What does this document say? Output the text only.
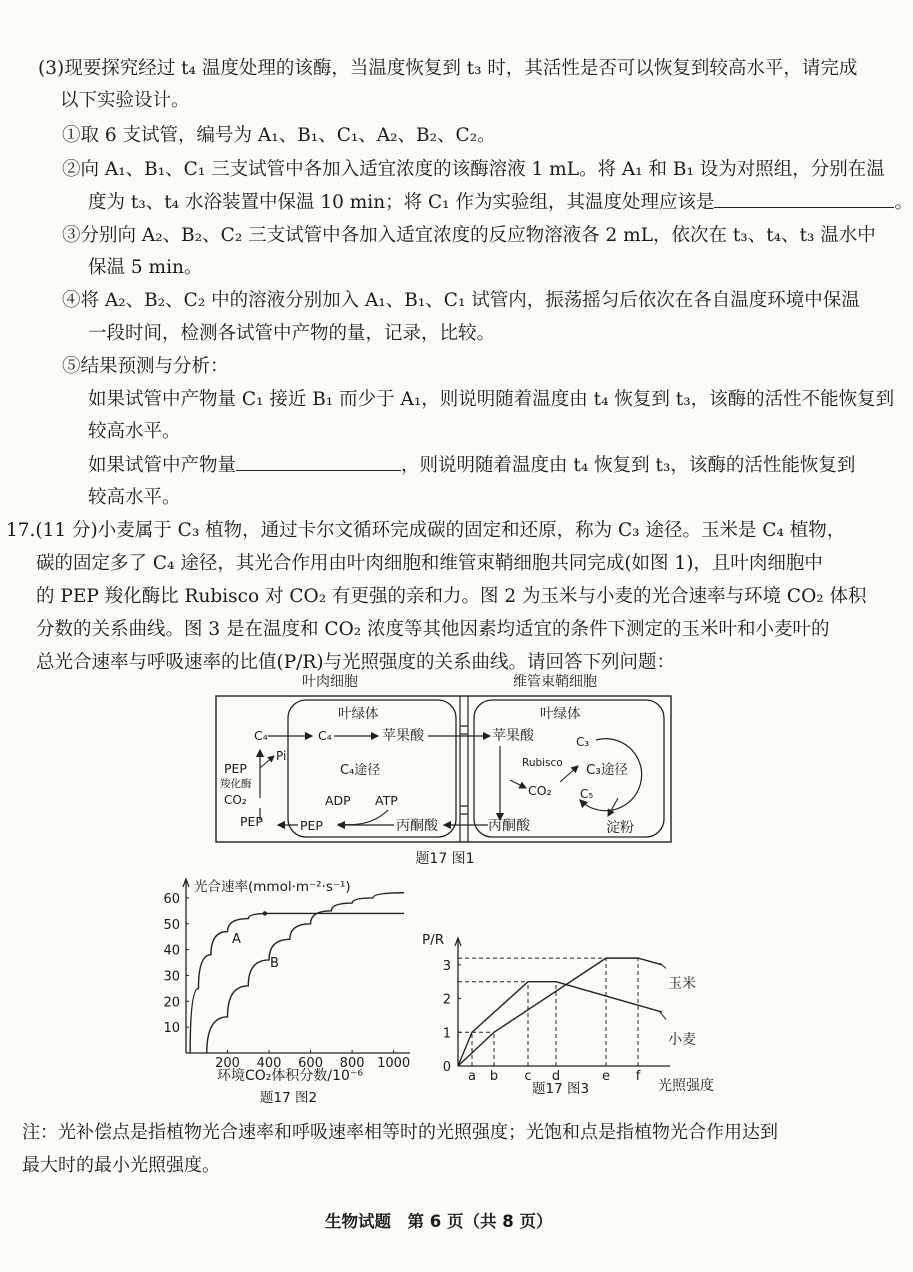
(3)现要探究经过 t₄ 温度处理的该酶，当温度恢复到 t₃ 时，其活性是否可以恢复到较高水平，请完成
以下实验设计。
①取 6 支试管，编号为 A₁、B₁、C₁、A₂、B₂、C₂。
②向 A₁、B₁、C₁ 三支试管中各加入适宜浓度的该酶溶液 1 mL。将 A₁ 和 B₁ 设为对照组，分别在温
度为 t₃、t₄ 水浴装置中保温 10 min；将 C₁ 作为实验组，其温度处理应该是	。
③分别向 A₂、B₂、C₂ 三支试管中各加入适宜浓度的反应物溶液各 2 mL，依次在 t₃、t₄、t₃ 温水中
保温 5 min。
④将 A₂、B₂、C₂ 中的溶液分别加入 A₁、B₁、C₁ 试管内，振荡摇匀后依次在各自温度环境中保温
一段时间，检测各试管中产物的量，记录，比较。
⑤结果预测与分析：
如果试管中产物量 C₁ 接近 B₁ 而少于 A₁，则说明随着温度由 t₄ 恢复到 t₃，该酶的活性不能恢复到
较高水平。
如果试管中产物量	，则说明随着温度由 t₄ 恢复到 t₃，该酶的活性能恢复到
较高水平。
17.(11 分)小麦属于 C₃ 植物，通过卡尔文循环完成碳的固定和还原，称为 C₃ 途径。玉米是 C₄ 植物，
碳的固定多了 C₄ 途径，其光合作用由叶肉细胞和维管束鞘细胞共同完成(如图 1)，且叶肉细胞中
的 PEP 羧化酶比 Rubisco 对 CO₂ 有更强的亲和力。图 2 为玉米与小麦的光合速率与环境 CO₂ 体积
分数的关系曲线。图 3 是在温度和 CO₂ 浓度等其他因素均适宜的条件下测定的玉米叶和小麦叶的
总光合速率与呼吸速率的比值(P/R)与光照强度的关系曲线。请回答下列问题：
叶肉细胞	维管束鞘细胞
叶绿体	叶绿体
C₄
Pi
PEP
羧化酶
CO₂
PEP
C₄	苹果酸
C₄途径
ADP ATP
丙酮酸
PEP
苹果酸
CO₂
丙酮酸
Rubisco
C₃
C₅
C₃途径
淀粉
题17 图1
200 400 600 800 1000
10
20
30
40
50
60
光合速率(mmol·m⁻²·s⁻¹)
环境CO₂体积分数/10⁻⁶
题17 图2
A
B
0
1
2
3
a b c d	e f
P/R
光照强度
题17 图3
玉米
小麦
注：光补偿点是指植物光合速率和呼吸速率相等时的光照强度；光饱和点是指植物光合作用达到
最大时的最小光照强度。
生物试题　第 6 页（共 8 页）
